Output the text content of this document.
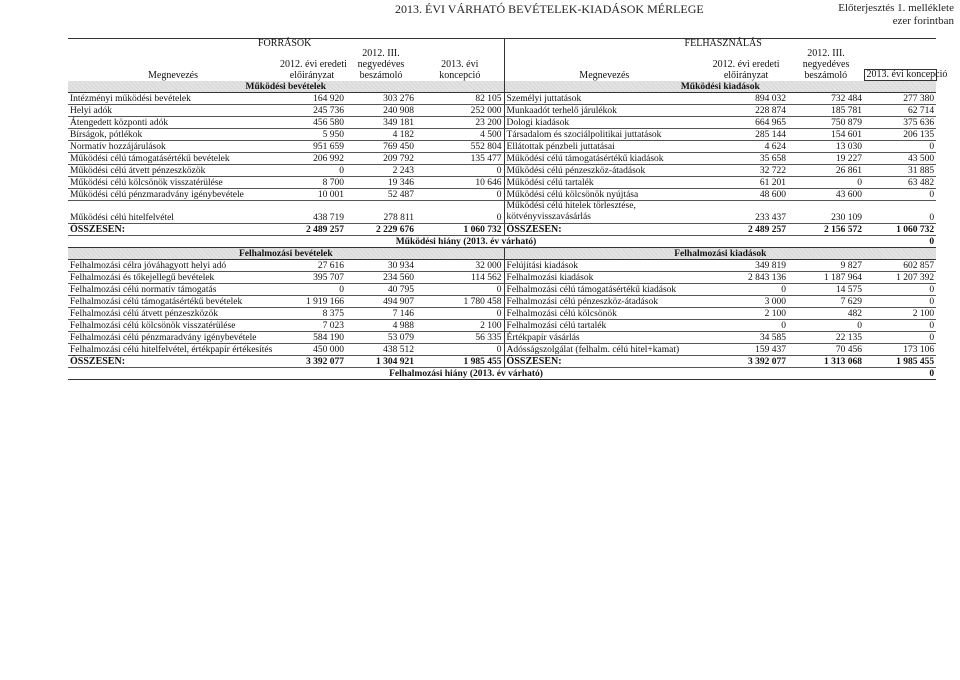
2013. ÉVI VÁRHATÓ BEVÉTELEK-KIADÁSOK MÉRLEGE	Előterjesztés 1. melléklete
ezer forintban
FORRÁSOK				FELHASZNÁLÁS			
		2012. III.				2012. III.	
	2012. évi eredeti	negyedéves	2013. évi		2012. évi eredeti	negyedéves	
Megnevezés	előirányzat	beszámoló	koncepció	Megnevezés	előirányzat	beszámoló	2013. évi koncepció
Működési bevételek				Működési kiadások			
Intézményi működési bevételek	164 920	303 276	82 105	Személyi juttatások	894 032	732 484	277 380
Helyi adók	245 736	240 908	252 000	Munkaadót terhelő járulékok	228 874	185 781	62 714
Átengedett központi adók	456 580	349 181	23 200	Dologi kiadások	664 965	750 879	375 636
Bírságok, pótlékok	5 950	4 182	4 500	Társadalom és szociálpolitikai juttatások	285 144	154 601	206 135
Normatív hozzájárulások	951 659	769 450	552 804	Ellátottak pénzbeli juttatásai	4 624	13 030	0
Működési célú támogatásértékű bevételek	206 992	209 792	135 477	Működési célú támogatásértékű kiadások	35 658	19 227	43 500
Működési célú átvett pénzeszközök	0	2 243	0	Működési célú pénzeszköz-átadások	32 722	26 861	31 885
Működési célú kölcsönök visszatérülése	8 700	19 346	10 646	Működési célú tartalék	61 201	0	63 482
Működési célú pénzmaradvány igénybevétele	10 001	52 487	0	Működési célú kölcsönök nyújtása	48 600	43 600	0
Működési célú hitelfelvétel	438 719	278 811	0	Működési célú hitelek törlesztése, kötvényvisszavásárlás	233 437	230 109	0
ÖSSZESEN:	2 489 257	2 229 676	1 060 732	ÖSSZESEN:	2 489 257	2 156 572	1 060 732
Működési hiány (2013. év várható)							0
Felhalmozási bevételek				Felhalmozási kiadások			
Felhalmozási célra jóváhagyott helyi adó	27 616	30 934	32 000	Felújítási kiadások	349 819	9 827	602 857
Felhalmozási és tőkejellegű bevételek	395 707	234 560	114 562	Felhalmozási kiadások	2 843 136	1 187 964	1 207 392
Felhalmozási célú normatív támogatás	0	40 795	0	Felhalmozási célú támogatásértékű kiadások	0	14 575	0
Felhalmozási célú támogatásértékű bevételek	1 919 166	494 907	1 780 458	Felhalmozási célú pénzeszköz-átadások	3 000	7 629	0
Felhalmozási célú átvett pénzeszközök	8 375	7 146	0	Felhalmozási célú kölcsönök	2 100	482	2 100
Felhalmozási célú kölcsönök visszatérülése	7 023	4 988	2 100	Felhalmozási célú tartalék	0	0	0
Felhalmozási célú pénzmaradvány igénybevétele	584 190	53 079	56 335	Értékpapír vásárlás	34 585	22 135	0
Felhalmozási célú hitelfelvétel, értékpapír értékesítés	450 000	438 512	0	Adósságszolgálat (felhalm. célú hitel+kamat)	159 437	70 456	173 106
ÖSSZESEN:	3 392 077	1 304 921	1 985 455	ÖSSZESEN:	3 392 077	1 313 068	1 985 455
Felhalmozási hiány (2013. év várható)							0
